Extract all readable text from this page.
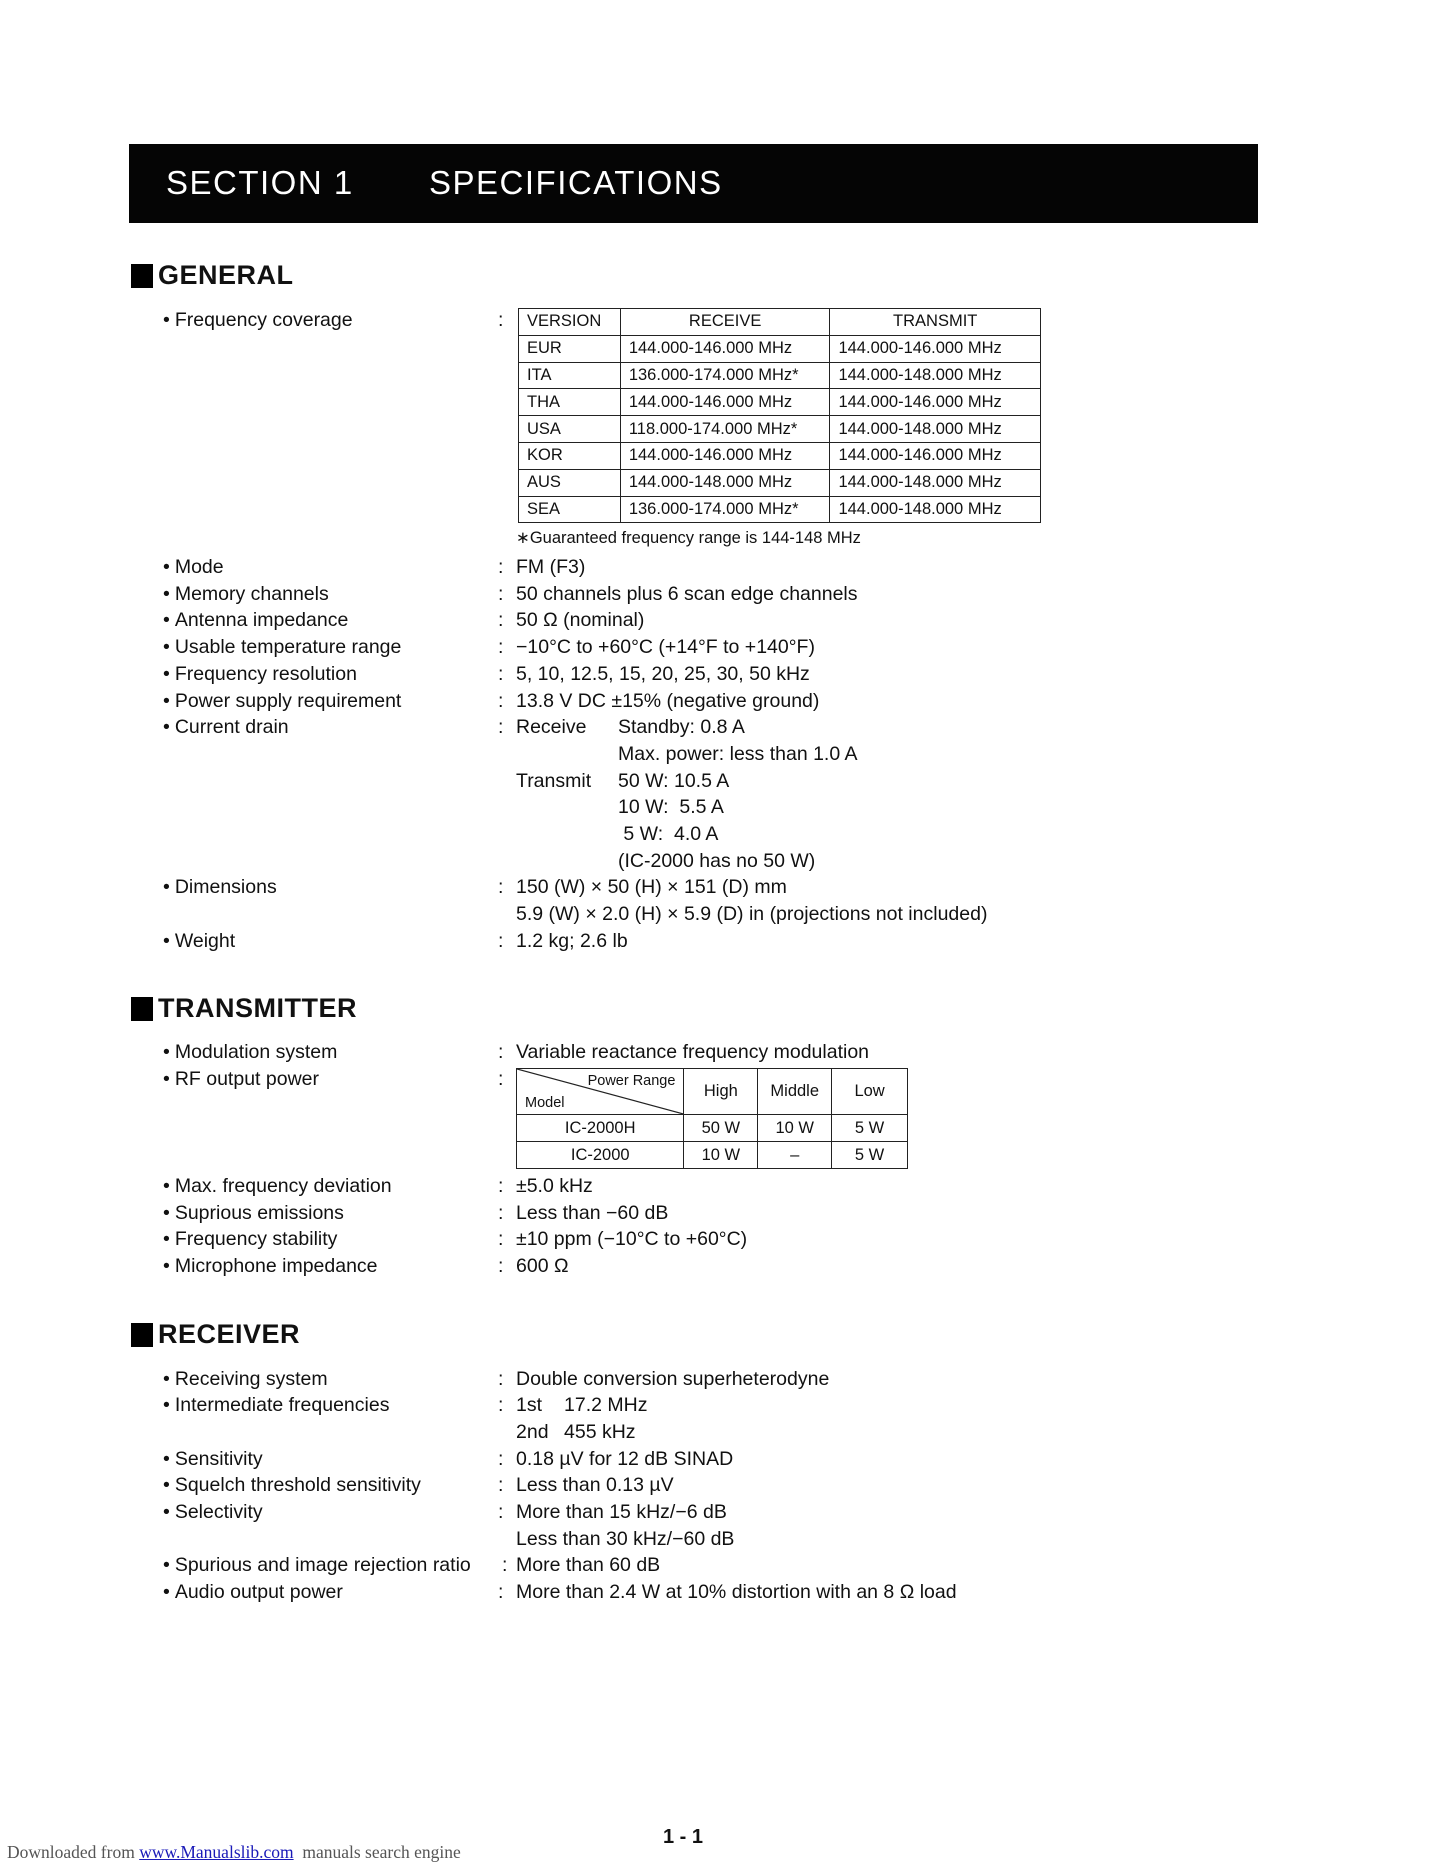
SECTION 1 SPECIFICATIONS
GENERAL
• Frequency coverage	: VERSION	RECEIVE	TRANSMIT
EUR	144.000-146.000 MHz	144.000-146.000 MHz
ITA	136.000-174.000 MHz*	144.000-148.000 MHz
THA	144.000-146.000 MHz	144.000-146.000 MHz
USA	118.000-174.000 MHz*	144.000-148.000 MHz
KOR	144.000-146.000 MHz	144.000-146.000 MHz
AUS	144.000-148.000 MHz	144.000-148.000 MHz
SEA	136.000-174.000 MHz*	144.000-148.000 MHz
∗Guaranteed frequency range is 144-148 MHz
• Mode	: FM (F3)
• Memory channels	: 50 channels plus 6 scan edge channels
• Antenna impedance	: 50 Ω (nominal)
• Usable temperature range	: −10°C to +60°C (+14°F to +140°F)
• Frequency resolution	: 5, 10, 12.5, 15, 20, 25, 30, 50 kHz
• Power supply requirement	: 13.8 V DC ±15% (negative ground)
• Current drain	: Receive Standby: 0.8 A
Max. power: less than 1.0 A
Transmit 50 W: 10.5 A
10 W:  5.5 A
5 W:  4.0 A
(IC-2000 has no 50 W)
• Dimensions	: 150 (W) × 50 (H) × 151 (D) mm
5.9 (W) × 2.0 (H) × 5.9 (D) in (projections not included)
• Weight	: 1.2 kg; 2.6 lb
TRANSMITTER
• Modulation system	: Variable reactance frequency modulation
• RF output power	:	Power Range
Model	High	Middle	Low
IC-2000H	50 W	10 W	5 W
IC-2000	10 W	–	5 W
• Max. frequency deviation	: ±5.0 kHz
• Suprious emissions	: Less than −60 dB
• Frequency stability	: ±10 ppm (−10°C to +60°C)
• Microphone impedance	: 600 Ω
RECEIVER
• Receiving system	: Double conversion superheterodyne
• Intermediate frequencies	: 1st 17.2 MHz
2nd 455 kHz
• Sensitivity	: 0.18 µV for 12 dB SINAD
• Squelch threshold sensitivity	: Less than 0.13 µV
• Selectivity	: More than 15 kHz/−6 dB
Less than 30 kHz/−60 dB
• Spurious and image rejection ratio : More than 60 dB
• Audio output power	: More than 2.4 W at 10% distortion with an 8 Ω load
1 - 1
Downloaded from www.Manualslib.com  manuals search engine
